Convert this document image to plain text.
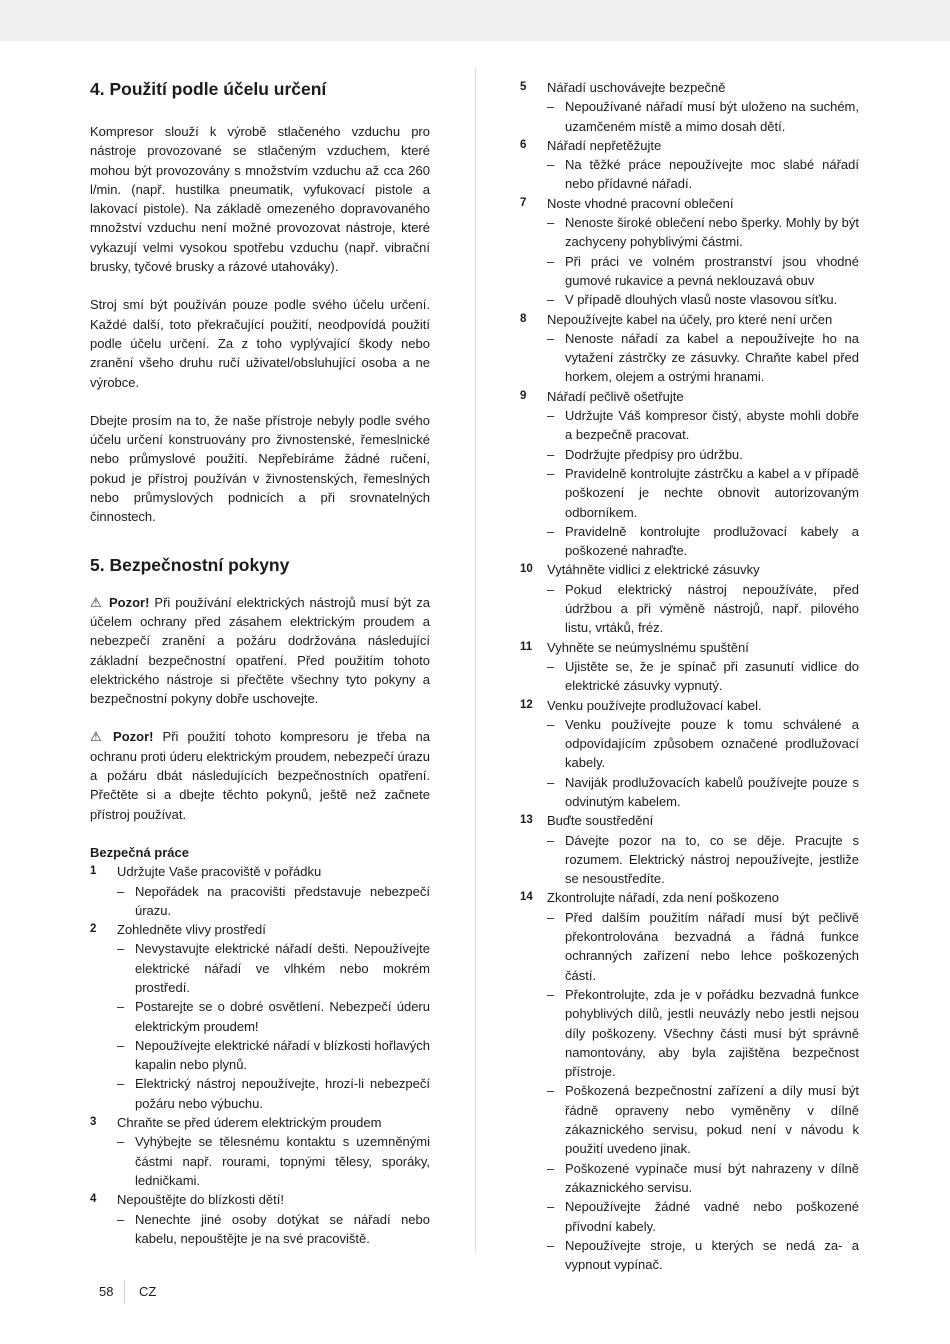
4. Použití podle účelu určení

Kompresor slouží k výrobě stlačeného vzduchu pro nástroje provozované se stlačeným vzduchem, které mohou být provozovány s množstvím vzduchu až cca 260 l/min. (např. hustilka pneumatik, vyfukovací pistole a lakovací pistole). Na základě omezeného dopravovaného množství vzduchu není možné provozovat nástroje, které vykazují velmi vysokou spotřebu vzduchu (např. vibrační brusky, tyčové brusky a rázové utahováky).

Stroj smí být používán pouze podle svého účelu určení. Každé další, toto překračující použití, neodpovídá použití podle účelu určení. Za z toho vyplývající škody nebo zranění všeho druhu ručí uživatel/obsluhující osoba a ne výrobce.

Dbejte prosím na to, že naše přístroje nebyly podle svého účelu určení konstruovány pro živnostenské, řemeslnické nebo průmyslové použití. Nepřebíráme žádné ručení, pokud je přístroj používán v živnostenských, řemeslných nebo průmyslových podnicích a při srovnatelných činnostech.

5. Bezpečnostní pokyny

⚠ Pozor! Při používání elektrických nástrojů musí být za účelem ochrany před zásahem elektrickým proudem a nebezpečí zranění a požáru dodržována následující základní bezpečnostní opatření. Před použitím tohoto elektrického nástroje si přečtěte všechny tyto pokyny a bezpečnostní pokyny dobře uschovejte.

⚠ Pozor! Při použití tohoto kompresoru je třeba na ochranu proti úderu elektrickým proudem, nebezpečí úrazu a požáru dbát následujících bezpečnostních opatření. Přečtěte si a dbejte těchto pokynů, ještě než začnete přístroj používat.

Bezpečná práce
1 Udržujte Vaše pracoviště v pořádku
– Nepořádek na pracovišti představuje nebezpečí úrazu.
2 Zohledněte vlivy prostředí
– Nevystavujte elektrické nářadí dešti. Nepoužívejte elektrické nářadí ve vlhkém nebo mokrém prostředí.
– Postarejte se o dobré osvětlení. Nebezpečí úderu elektrickým proudem!
– Nepoužívejte elektrické nářadí v blízkosti hořlavých kapalin nebo plynů.
– Elektrický nástroj nepoužívejte, hrozí-li nebezpečí požáru nebo výbuchu.
3 Chraňte se před úderem elektrickým proudem
– Vyhýbejte se tělesnému kontaktu s uzemněnými částmi např. rourami, topnými tělesy, sporáky, ledničkami.
4 Nepouštějte do blízkosti dětí!
– Nenechte jiné osoby dotýkat se nářadí nebo kabelu, nepouštějte je na své pracoviště.
5 Nářadí uschovávejte bezpečně
– Nepoužívané nářadí musí být uloženo na suchém, uzamčeném místě a mimo dosah dětí.
6 Nářadí nepřetěžujte
– Na těžké práce nepoužívejte moc slabé nářadí nebo přídavné nářadí.
7 Noste vhodné pracovní oblečení
– Nenoste široké oblečení nebo šperky. Mohly by být zachyceny pohyblivými částmi.
– Při práci ve volném prostranství jsou vhodné gumové rukavice a pevná neklouzavá obuv
– V případě dlouhých vlasů noste vlasovou síťku.
8 Nepoužívejte kabel na účely, pro které není určen
– Nenoste nářadí za kabel a nepoužívejte ho na vytažení zástrčky ze zásuvky. Chraňte kabel před horkem, olejem a ostrými hranami.
9 Nářadí pečlivě ošetřujte
– Udržujte Váš kompresor čistý, abyste mohli dobře a bezpečně pracovat.
– Dodržujte předpisy pro údržbu.
– Pravidelně kontrolujte zástrčku a kabel a v případě poškození je nechte obnovit autorizovaným odborníkem.
– Pravidelně kontrolujte prodlužovací kabely a poškozené nahraďte.
10 Vytáhněte vidlici z elektrické zásuvky
– Pokud elektrický nástroj nepoužíváte, před údržbou a při výměně nástrojů, např. pilového listu, vrtáků, fréz.
11 Vyhněte se neúmyslnému spuštění
– Ujistěte se, že je spínač při zasunutí vidlice do elektrické zásuvky vypnutý.
12 Venku používejte prodlužovací kabel.
– Venku používejte pouze k tomu schválené a odpovídajícím způsobem označené prodlužovací kabely.
– Naviják prodlužovacích kabelů používejte pouze s odvinutým kabelem.
13 Buďte soustředění
– Dávejte pozor na to, co se děje. Pracujte s rozumem. Elektrický nástroj nepoužívejte, jestliže se nesoustředíte.
14 Zkontrolujte nářadí, zda není poškozeno
– Před dalším použitím nářadí musí být pečlivě překontrolována bezvadná a řádná funkce ochranných zařízení nebo lehce poškozených částí.
– Překontrolujte, zda je v pořádku bezvadná funkce pohyblivých dílů, jestli neuvázly nebo jestli nejsou díly poškozeny. Všechny části musí být správně namontovány, aby byla zajištěna bezpečnost přístroje.
– Poškozená bezpečnostní zařízení a díly musí být řádně opraveny nebo vyměněny v dílně zákaznického servisu, pokud není v návodu k použití uvedeno jinak.
– Poškozené vypínače musí být nahrazeny v dílně zákaznického servisu.
– Nepoužívejte žádné vadné nebo poškozené přívodní kabely.
– Nepoužívejte stroje, u kterých se nedá za- a vypnout vypínač.
58 CZ
